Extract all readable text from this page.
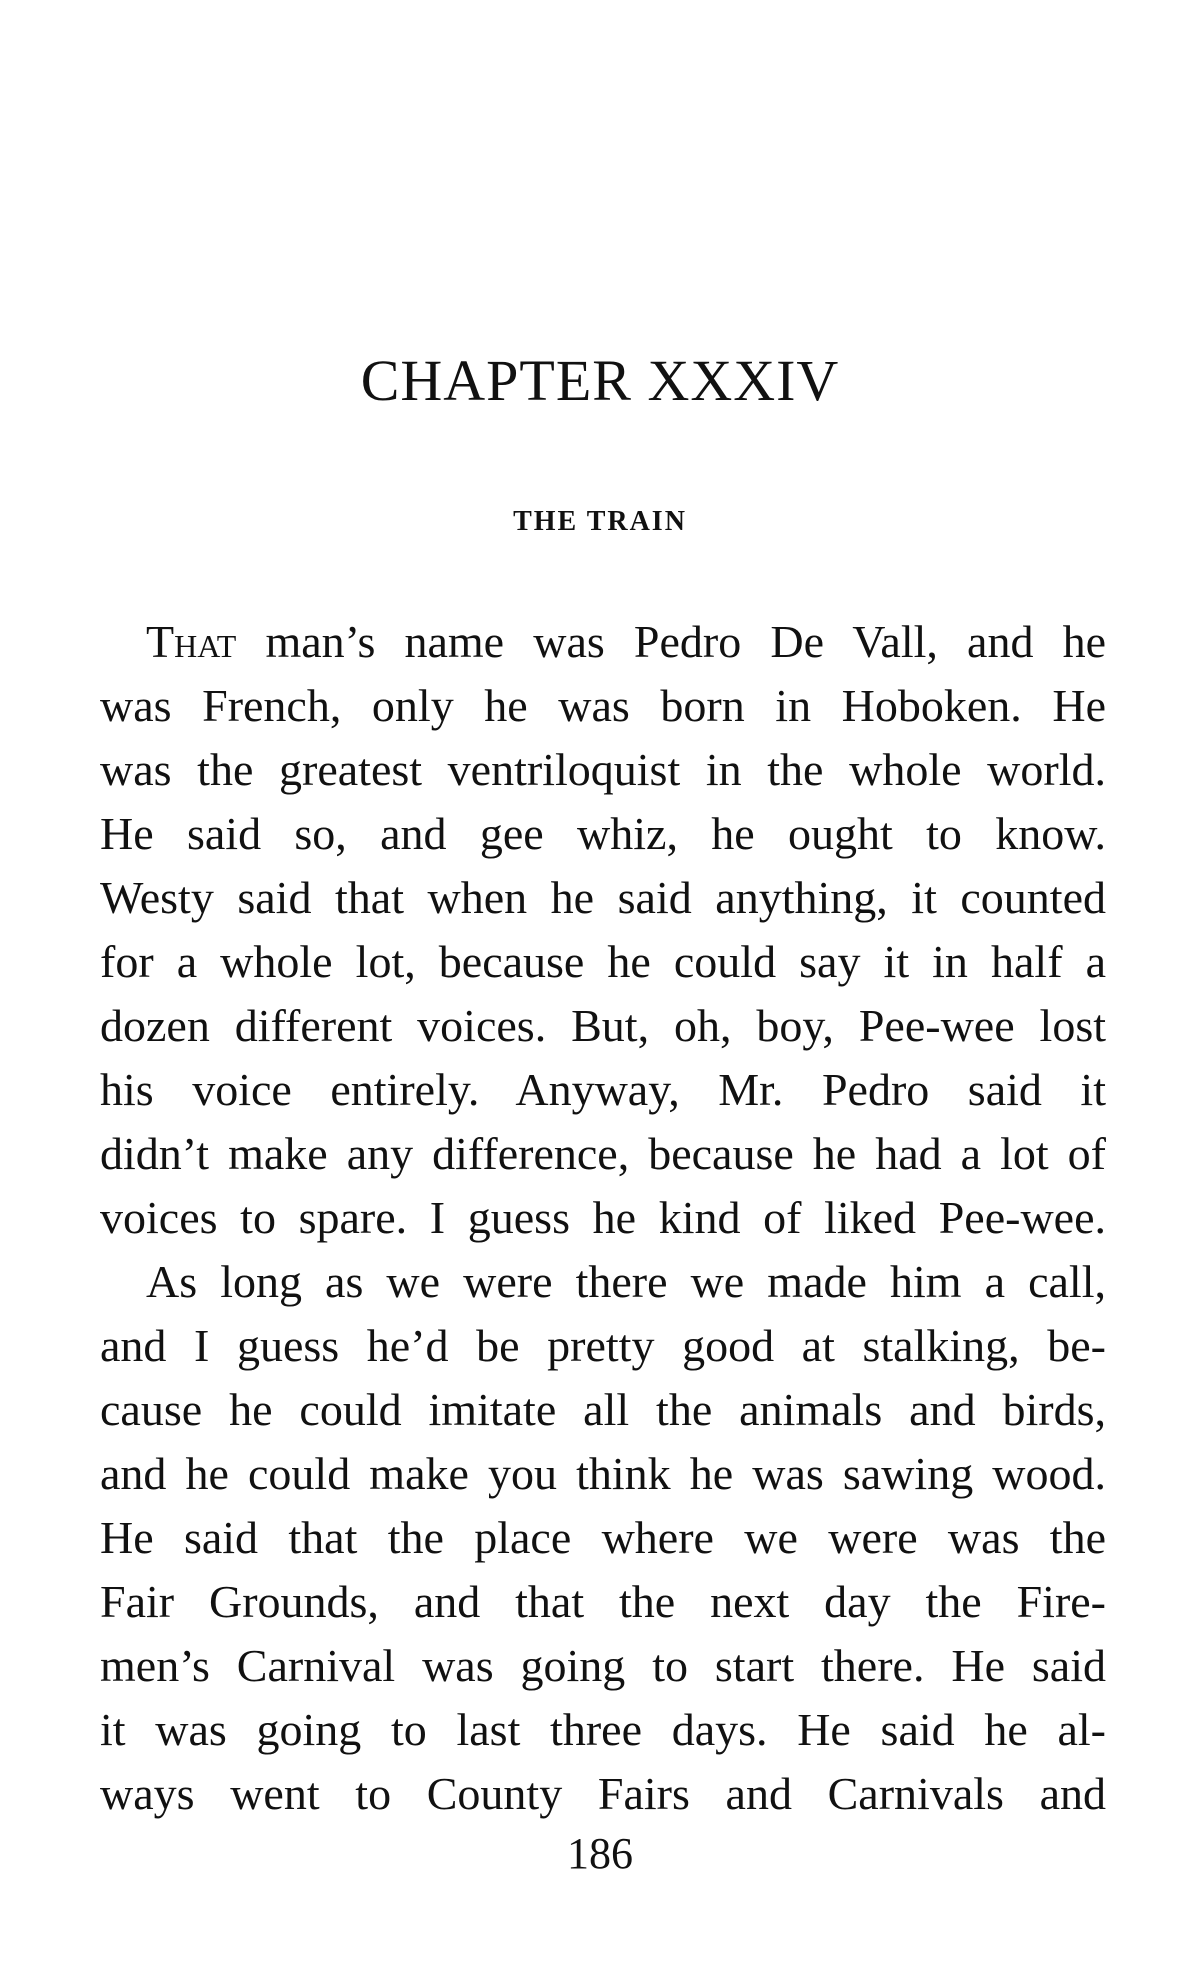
CHAPTER XXXIV
THE TRAIN
That man’s name was Pedro De Vall, and he
was French, only he was born in Hoboken. He
was the greatest ventriloquist in the whole world.
He said so, and gee whiz, he ought to know.
Westy said that when he said anything, it counted
for a whole lot, because he could say it in half a
dozen different voices. But, oh, boy, Pee-wee lost
his voice entirely. Anyway, Mr. Pedro said it
didn’t make any difference, because he had a lot of
voices to spare. I guess he kind of liked Pee-wee.
As long as we were there we made him a call,
and I guess he’d be pretty good at stalking, be-
cause he could imitate all the animals and birds,
and he could make you think he was sawing wood.
He said that the place where we were was the
Fair Grounds, and that the next day the Fire-
men’s Carnival was going to start there. He said
it was going to last three days. He said he al-
ways went to County Fairs and Carnivals and
186
